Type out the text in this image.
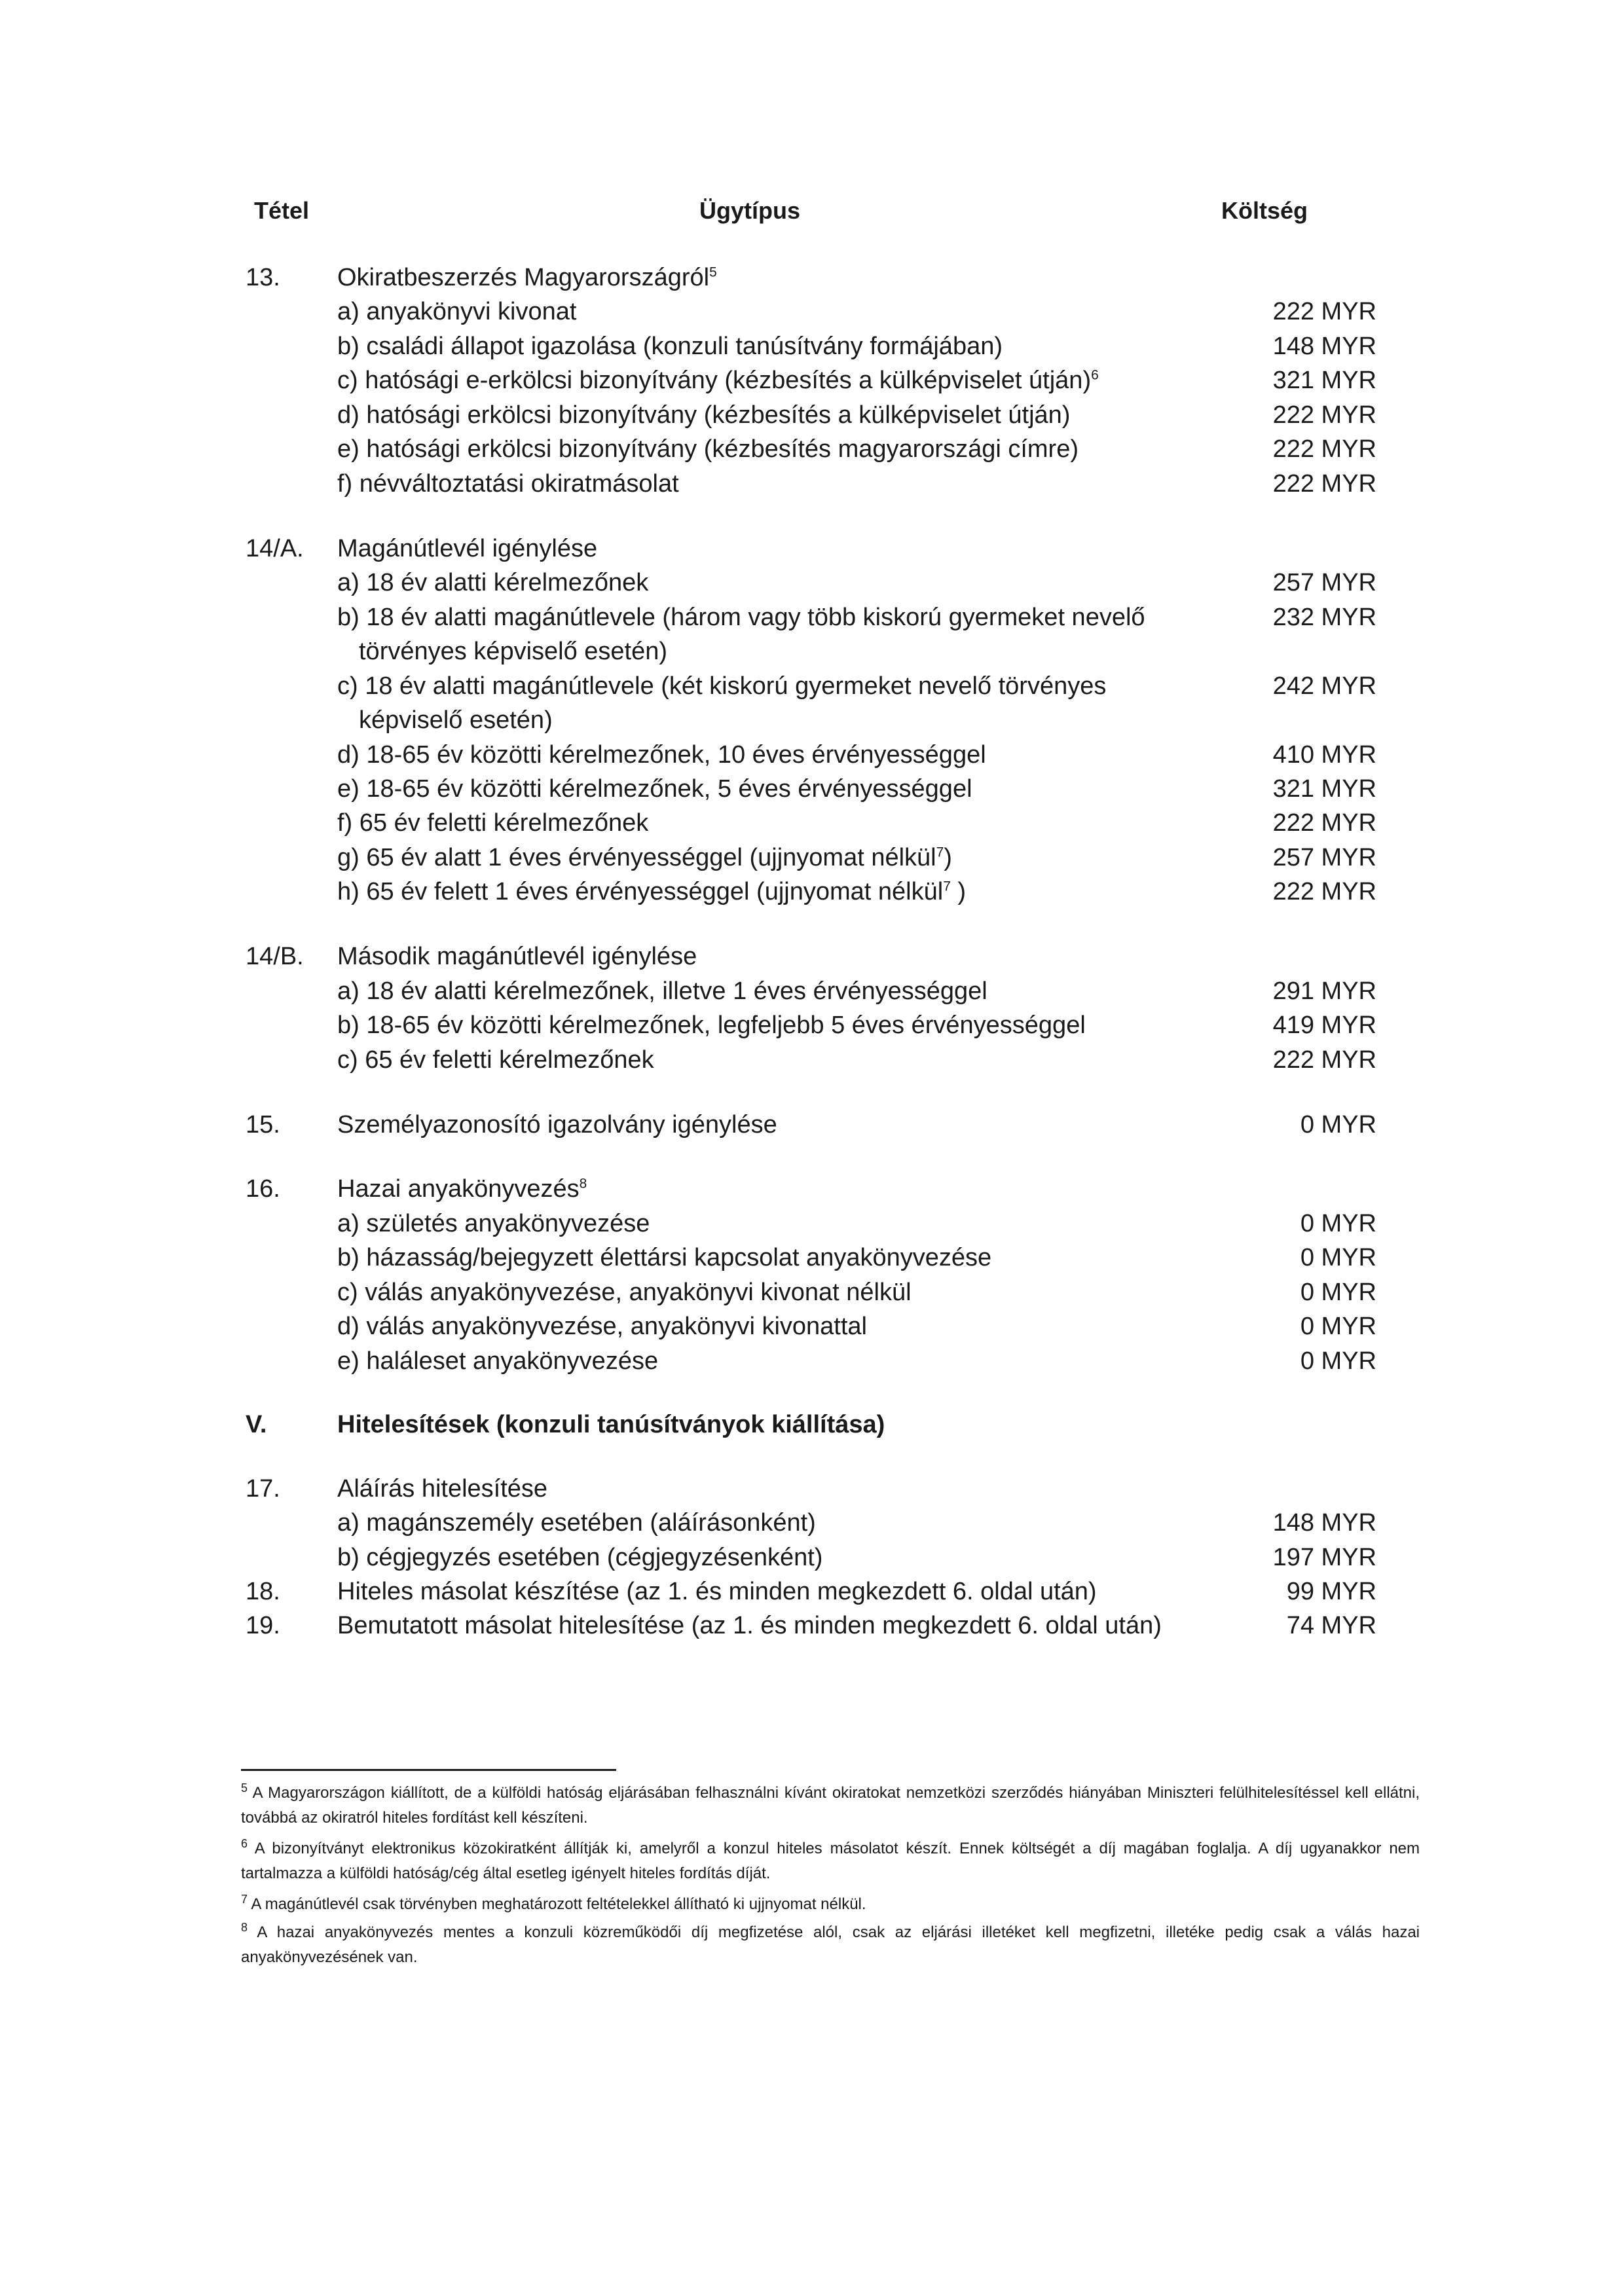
Tétel	Ügytípus	Költség
13. Okiratbeszerzés Magyarországról$^5$
a) anyakönyvi kivonat	222 MYR
b) családi állapot igazolása (konzuli tanúsítvány formájában)	148 MYR
c) hatósági e-erkölcsi bizonyítvány (kézbesítés a külképviselet útján)$^6$	321 MYR
d) hatósági erkölcsi bizonyítvány (kézbesítés a külképviselet útján)	222 MYR
e) hatósági erkölcsi bizonyítvány (kézbesítés magyarországi címre)	222 MYR
f) névváltoztatási okiratmásolat	222 MYR
14/A. Magánútlevél igénylése
a) 18 év alatti kérelmezőnek	257 MYR
b) 18 év alatti magánútlevele (három vagy több kiskorú gyermeket nevelő	232 MYR
törvényes képviselő esetén)
c) 18 év alatti magánútlevele (két kiskorú gyermeket nevelő törvényes	242 MYR
képviselő esetén)
d) 18-65 év közötti kérelmezőnek, 10 éves érvényességgel	410 MYR
e) 18-65 év közötti kérelmezőnek, 5 éves érvényességgel	321 MYR
f) 65 év feletti kérelmezőnek	222 MYR
g) 65 év alatt 1 éves érvényességgel (ujjnyomat nélkül$^7$)	257 MYR
h) 65 év felett 1 éves érvényességgel (ujjnyomat nélkül$^7$ )	222 MYR
14/B. Második magánútlevél igénylése
a) 18 év alatti kérelmezőnek, illetve 1 éves érvényességgel	291 MYR
b) 18-65 év közötti kérelmezőnek, legfeljebb 5 éves érvényességgel	419 MYR
c) 65 év feletti kérelmezőnek	222 MYR
15. Személyazonosító igazolvány igénylése	0 MYR
16. Hazai anyakönyvezés$^8$
a) születés anyakönyvezése	0 MYR
b) házasság/bejegyzett élettársi kapcsolat anyakönyvezése	0 MYR
c) válás anyakönyvezése, anyakönyvi kivonat nélkül	0 MYR
d) válás anyakönyvezése, anyakönyvi kivonattal	0 MYR
e) haláleset anyakönyvezése	0 MYR
V.	Hitelesítések (konzuli tanúsítványok kiállítása)
17. Aláírás hitelesítése
a) magánszemély esetében (aláírásonként)	148 MYR
b) cégjegyzés esetében (cégjegyzésenként)	197 MYR
18. Hiteles másolat készítése (az 1. és minden megkezdett 6. oldal után)	99 MYR
19. Bemutatott másolat hitelesítése (az 1. és minden megkezdett 6. oldal után)	74 MYR
$^5$ A Magyarországon kiállított, de a külföldi hatóság eljárásában felhasználni kívánt okiratokat nemzetközi szerződés hiányában Miniszteri felülhitelesítéssel kell ellátni, továbbá az okiratról hiteles fordítást kell készíteni.
$^6$ A bizonyítványt elektronikus közokiratként állítják ki, amelyről a konzul hiteles másolatot készít. Ennek költségét a díj magában foglalja. A díj ugyanakkor nem tartalmazza a külföldi hatóság/cég által esetleg igényelt hiteles fordítás díját.
$^7$ A magánútlevél csak törvényben meghatározott feltételekkel állítható ki ujjnyomat nélkül.
$^8$ A hazai anyakönyvezés mentes a konzuli közreműködői díj megfizetése alól, csak az eljárási illetéket kell megfizetni, illetéke pedig csak a válás hazai anyakönyvezésének van.
